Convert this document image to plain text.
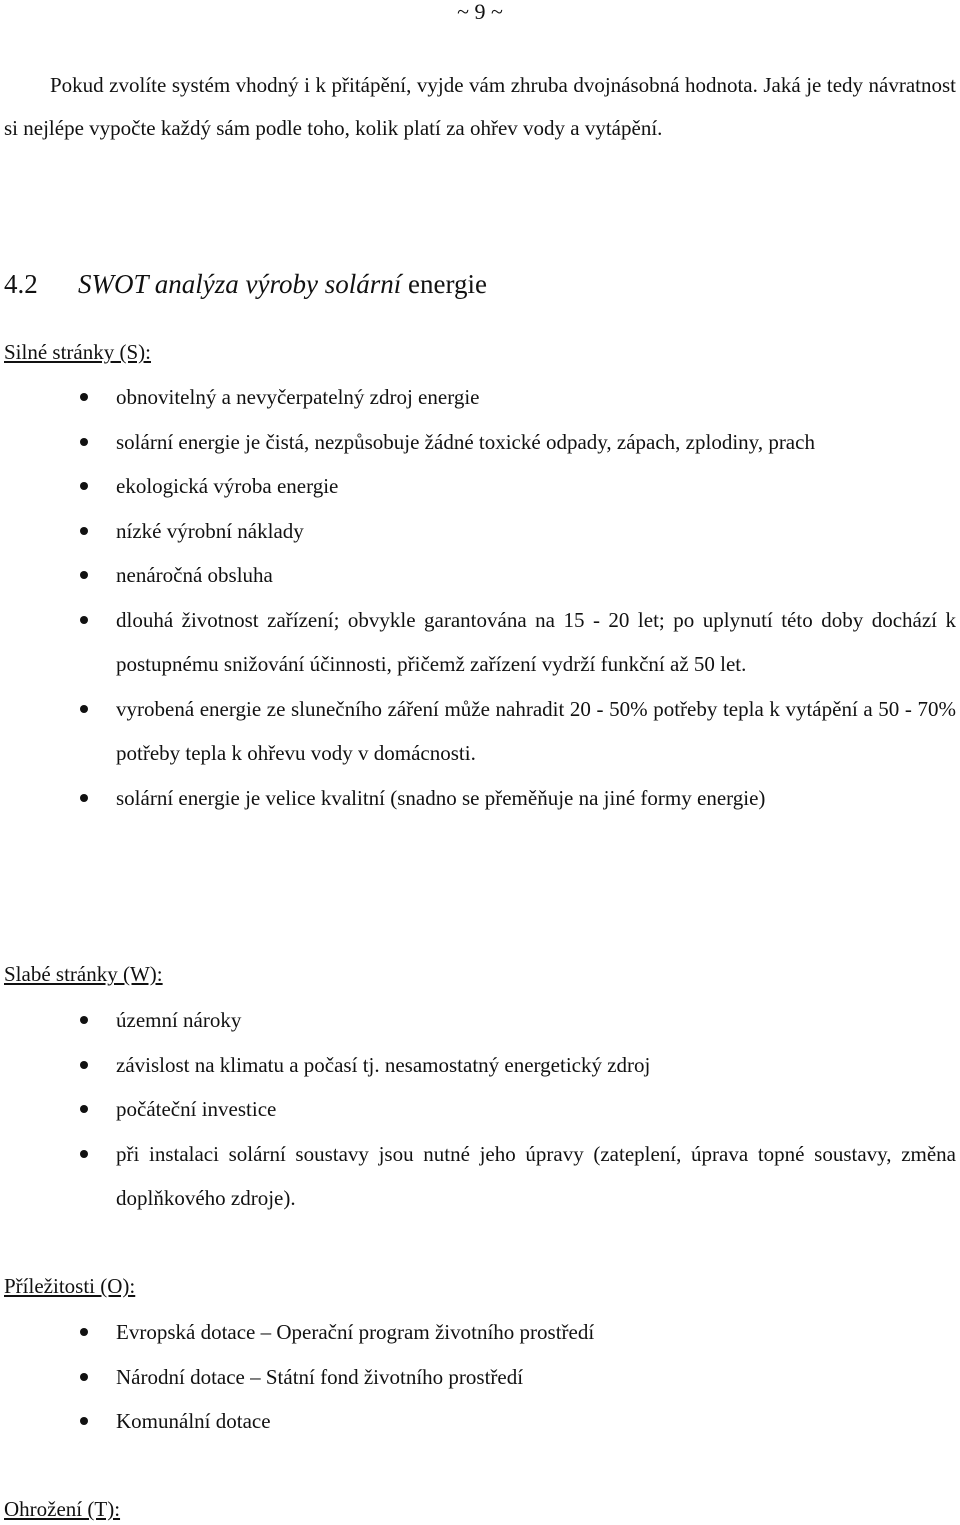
~ 9 ~

Pokud zvolíte systém vhodný i k přitápění, vyjde vám zhruba dvojnásobná hodnota. Jaká je tedy návratnost si nejlépe vypočte každý sám podle toho, kolik platí za ohřev vody a vytápění.

4.2 SWOT analýza výroby solární energie

Silné stránky (S):

obnovitelný a nevyčerpatelný zdroj energie
solární energie je čistá, nezpůsobuje žádné toxické odpady, zápach, zplodiny, prach
ekologická výroba energie
nízké výrobní náklady
nenáročná obsluha
dlouhá životnost zařízení; obvykle garantována na 15 - 20 let; po uplynutí této doby dochází k postupnému snižování účinnosti, přičemž zařízení vydrží funkční až 50 let.
vyrobená energie ze slunečního záření může nahradit 20 - 50% potřeby tepla k vytápění a 50 - 70% potřeby tepla k ohřevu vody v domácnosti.
solární energie je velice kvalitní (snadno se přeměňuje na jiné formy energie)

Slabé stránky (W):

územní nároky
závislost na klimatu a počasí tj. nesamostatný energetický zdroj
počáteční investice
při instalaci solární soustavy jsou nutné jeho úpravy (zateplení, úprava topné soustavy, změna doplňkového zdroje).

Příležitosti (O):

Evropská dotace – Operační program životního prostředí
Národní dotace – Státní fond životního prostředí
Komunální dotace

Ohrožení (T):
